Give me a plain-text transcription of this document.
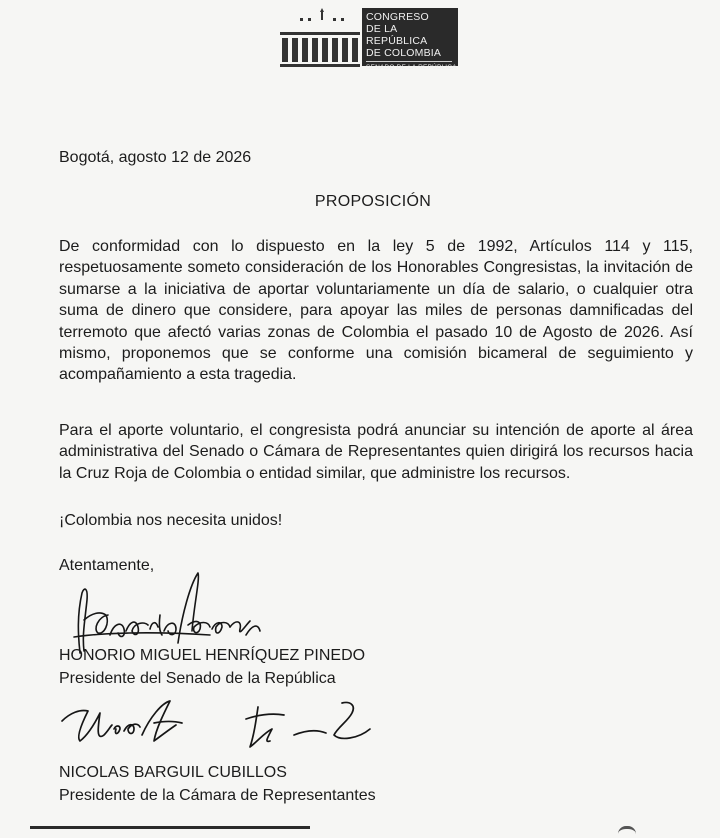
CONGRESO
DE LA REPÚBLICA
DE COLOMBIA
SENADO DE LA REPÚBLICA
Bogotá, agosto 12 de 2026
PROPOSICIÓN
De conformidad con lo dispuesto en la ley 5 de 1992, Artículos 114 y 115, respetuosamente someto consideración de los Honorables Congresistas, la invitación de sumarse a la iniciativa de aportar voluntariamente un día de salario, o cualquier otra suma de dinero que considere, para apoyar las miles de personas damnificadas del terremoto que afectó varias zonas de Colombia el pasado 10 de Agosto de 2026. Así mismo, proponemos que se conforme una comisión bicameral de seguimiento y acompañamiento a esta tragedia.
Para el aporte voluntario, el congresista podrá anunciar su intención de aporte al área administrativa del Senado o Cámara de Representantes quien dirigirá los recursos hacia la Cruz Roja de Colombia o entidad similar, que administre los recursos.
¡Colombia nos necesita unidos!
Atentamente,
HONORIO MIGUEL HENRÍQUEZ PINEDO
Presidente del Senado de la República
NICOLAS BARGUIL CUBILLOS
Presidente de la Cámara de Representantes
